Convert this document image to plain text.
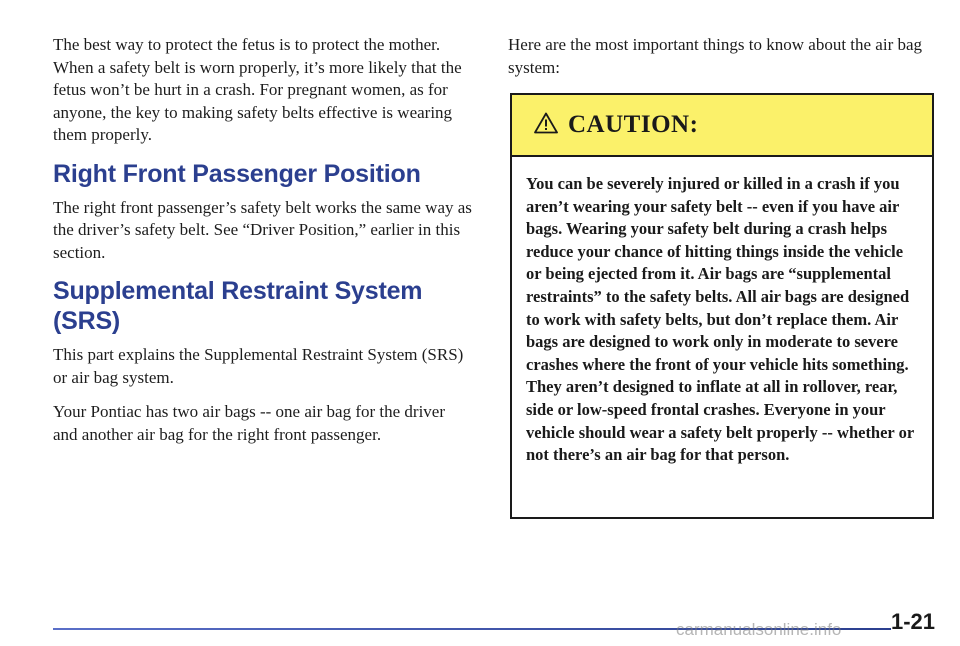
The best way to protect the fetus is to protect the mother. When a safety belt is worn properly, it’s more likely that the fetus won’t be hurt in a crash. For pregnant women, as for anyone, the key to making safety belts effective is wearing them properly.

Right Front Passenger Position

The right front passenger’s safety belt works the same way as the driver’s safety belt. See “Driver Position,” earlier in this section.

Supplemental Restraint System (SRS)

This part explains the Supplemental Restraint System (SRS) or air bag system.

Your Pontiac has two air bags -- one air bag for the driver and another air bag for the right front passenger.

Here are the most important things to know about the air bag system:

CAUTION:

You can be severely injured or killed in a crash if you aren’t wearing your safety belt -- even if you have air bags. Wearing your safety belt during a crash helps reduce your chance of hitting things inside the vehicle or being ejected from it. Air bags are “supplemental restraints” to the safety belts. All air bags are designed to work with safety belts, but don’t replace them. Air bags are designed to work only in moderate to severe crashes where the front of your vehicle hits something. They aren’t designed to inflate at all in rollover, rear, side or low-speed frontal crashes. Everyone in your vehicle should wear a safety belt properly -- whether or not there’s an air bag for that person.

1-21
carmanualsonline.info
